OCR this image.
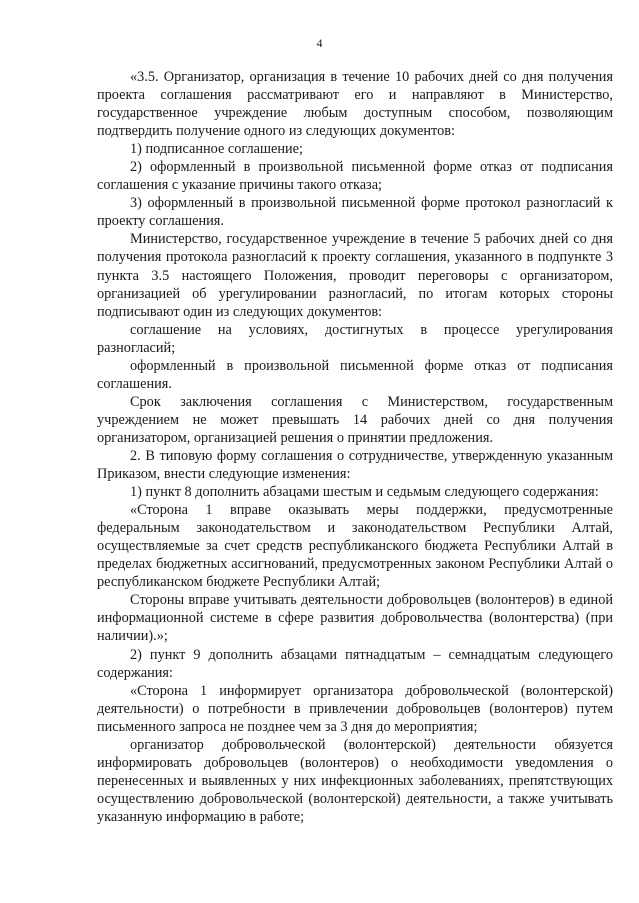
4

«3.5. Организатор, организация в течение 10 рабочих дней со дня получения проекта соглашения рассматривают его и направляют в Министерство, государственное учреждение любым доступным способом, позволяющим подтвердить получение одного из следующих документов:

1) подписанное соглашение;

2) оформленный в произвольной письменной форме отказ от подписания соглашения с указание причины такого отказа;

3) оформленный в произвольной письменной форме протокол разногласий к проекту соглашения.

Министерство, государственное учреждение в течение 5 рабочих дней со дня получения протокола разногласий к проекту соглашения, указанного в подпункте 3 пункта 3.5 настоящего Положения, проводит переговоры с организатором, организацией об урегулировании разногласий, по итогам которых стороны подписывают один из следующих документов:

соглашение на условиях, достигнутых в процессе урегулирования разногласий;

оформленный в произвольной письменной форме отказ от подписания соглашения.

Срок заключения соглашения с Министерством, государственным учреждением не может превышать 14 рабочих дней со дня получения организатором, организацией решения о принятии предложения.

2. В типовую форму соглашения о сотрудничестве, утвержденную указанным Приказом, внести следующие изменения:

1) пункт 8 дополнить абзацами шестым и седьмым следующего содержания:

«Сторона 1 вправе оказывать меры поддержки, предусмотренные федеральным законодательством и законодательством Республики Алтай, осуществляемые за счет средств республиканского бюджета Республики Алтай в пределах бюджетных ассигнований, предусмотренных законом Республики Алтай о республиканском бюджете Республики Алтай;

Стороны вправе учитывать деятельности добровольцев (волонтеров) в единой информационной системе в сфере развития добровольчества (волонтерства) (при наличии).»;

2) пункт 9 дополнить абзацами пятнадцатым – семнадцатым следующего содержания:

«Сторона 1 информирует организатора добровольческой (волонтерской) деятельности) о потребности в привлечении добровольцев (волонтеров) путем письменного запроса не позднее чем за 3 дня до мероприятия;

организатор добровольческой (волонтерской) деятельности обязуется информировать добровольцев (волонтеров) о необходимости уведомления о перенесенных и выявленных у них инфекционных заболеваниях, препятствующих осуществлению добровольческой (волонтерской) деятельности, а также учитывать указанную информацию в работе;
